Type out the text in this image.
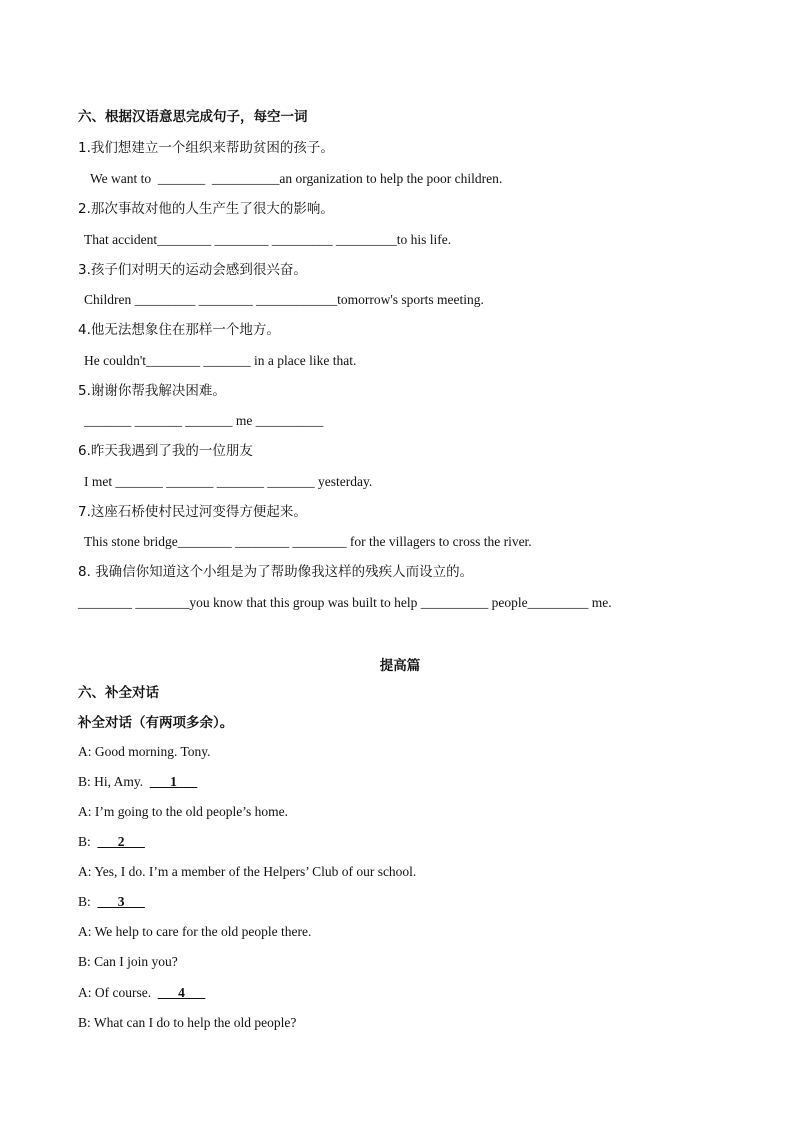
六、根据汉语意思完成句子，每空一词
1.我们想建立一个组织来帮助贫困的孩子。
We want to  _______  __________an organization to help the poor children.
2.那次事故对他的人生产生了很大的影响。
That accident________ ________ _________ _________to his life.
3.孩子们对明天的运动会感到很兴奋。
Children _________ ________ ____________tomorrow's sports meeting.
4.他无法想象住在那样一个地方。
He couldn't________ _______ in a place like that.
5.谢谢你帮我解决困难。
_______ _______ _______ me __________
6.昨天我遇到了我的一位朋友
I met _______ _______ _______ _______ yesterday.
7.这座石桥使村民过河变得方便起来。
This stone bridge________ ________ ________ for the villagers to cross the river.
8. 我确信你知道这个小组是为了帮助像我这样的残疾人而设立的。
________ ________you know that this group was built to help __________ people_________ me.
提高篇
六、补全对话
补全对话（有两项多余）。
A: Good morning. Tony.
B: Hi, Amy.  ___1___
A: I’m going to the old people’s home.
B:  ___2___
A: Yes, I do. I’m a member of the Helpers’ Club of our school.
B:  ___3___
A: We help to care for the old people there.
B: Can I join you?
A: Of course.  ___4___
B: What can I do to help the old people?
